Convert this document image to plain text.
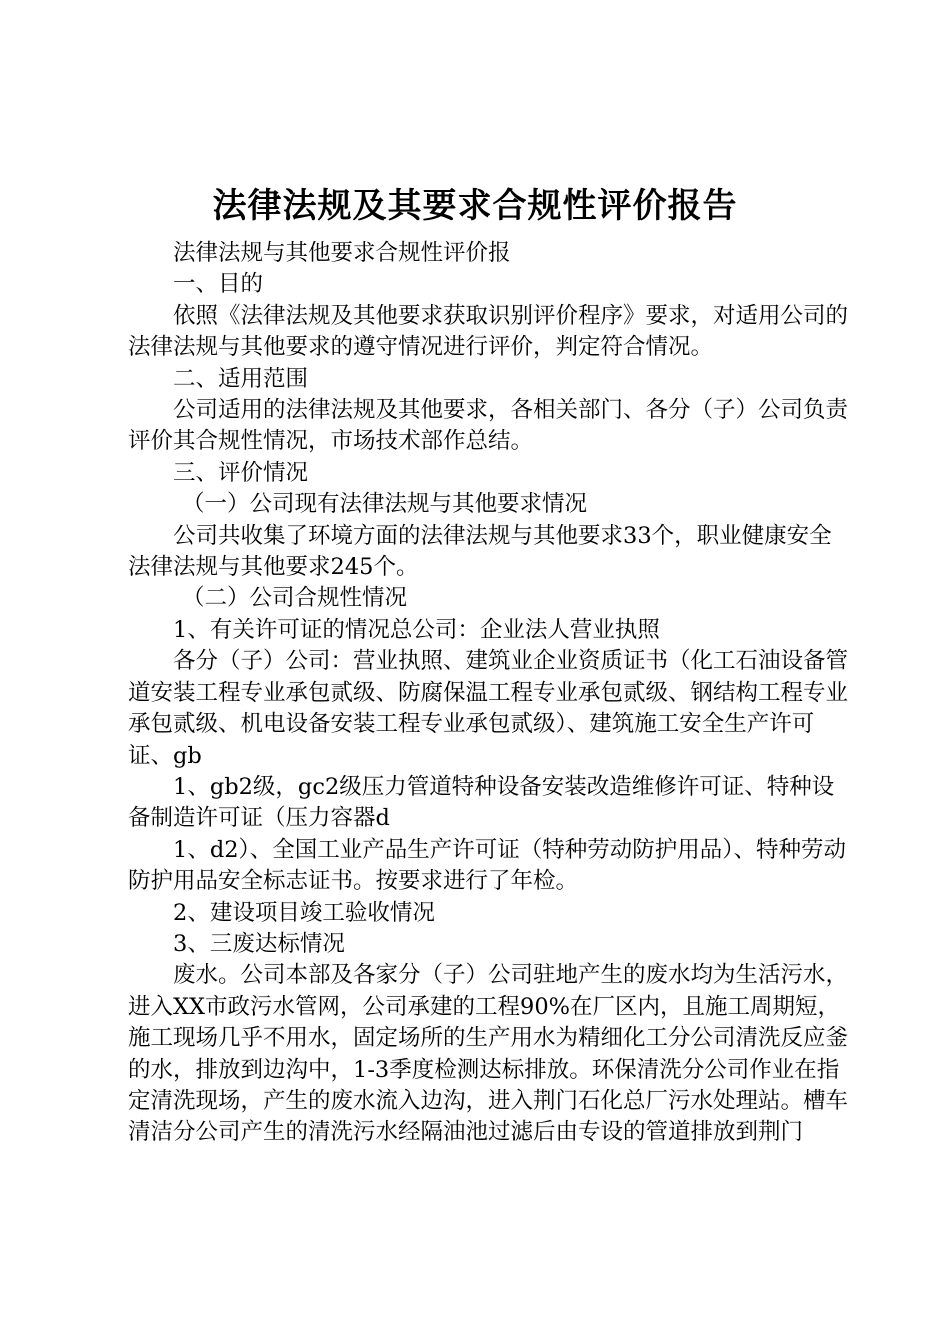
法律法规及其要求合规性评价报告

法律法规与其他要求合规性评价报

一、目的

依照《法律法规及其他要求获取识别评价程序》要求，对适用公司的法律法规与其他要求的遵守情况进行评价，判定符合情况。

二、适用范围

公司适用的法律法规及其他要求，各相关部门、各分（子）公司负责评价其合规性情况，市场技术部作总结。

三、评价情况

（一）公司现有法律法规与其他要求情况

公司共收集了环境方面的法律法规与其他要求33个，职业健康安全法律法规与其他要求245个。

（二）公司合规性情况

1、有关许可证的情况总公司：企业法人营业执照

各分（子）公司：营业执照、建筑业企业资质证书（化工石油设备管道安装工程专业承包贰级、防腐保温工程专业承包贰级、钢结构工程专业承包贰级、机电设备安装工程专业承包贰级）、建筑施工安全生产许可证、gb

1、gb2级，gc2级压力管道特种设备安装改造维修许可证、特种设备制造许可证（压力容器d

1、d2）、全国工业产品生产许可证（特种劳动防护用品）、特种劳动防护用品安全标志证书。按要求进行了年检。

2、建设项目竣工验收情况

3、三废达标情况

废水。公司本部及各家分（子）公司驻地产生的废水均为生活污水，进入XX市政污水管网，公司承建的工程90%在厂区内，且施工周期短，施工现场几乎不用水，固定场所的生产用水为精细化工分公司清洗反应釜的水，排放到边沟中，1-3季度检测达标排放。环保清洗分公司作业在指定清洗现场，产生的废水流入边沟，进入荆门石化总厂污水处理站。槽车清洁分公司产生的清洗污水经隔油池过滤后由专设的管道排放到荆门
